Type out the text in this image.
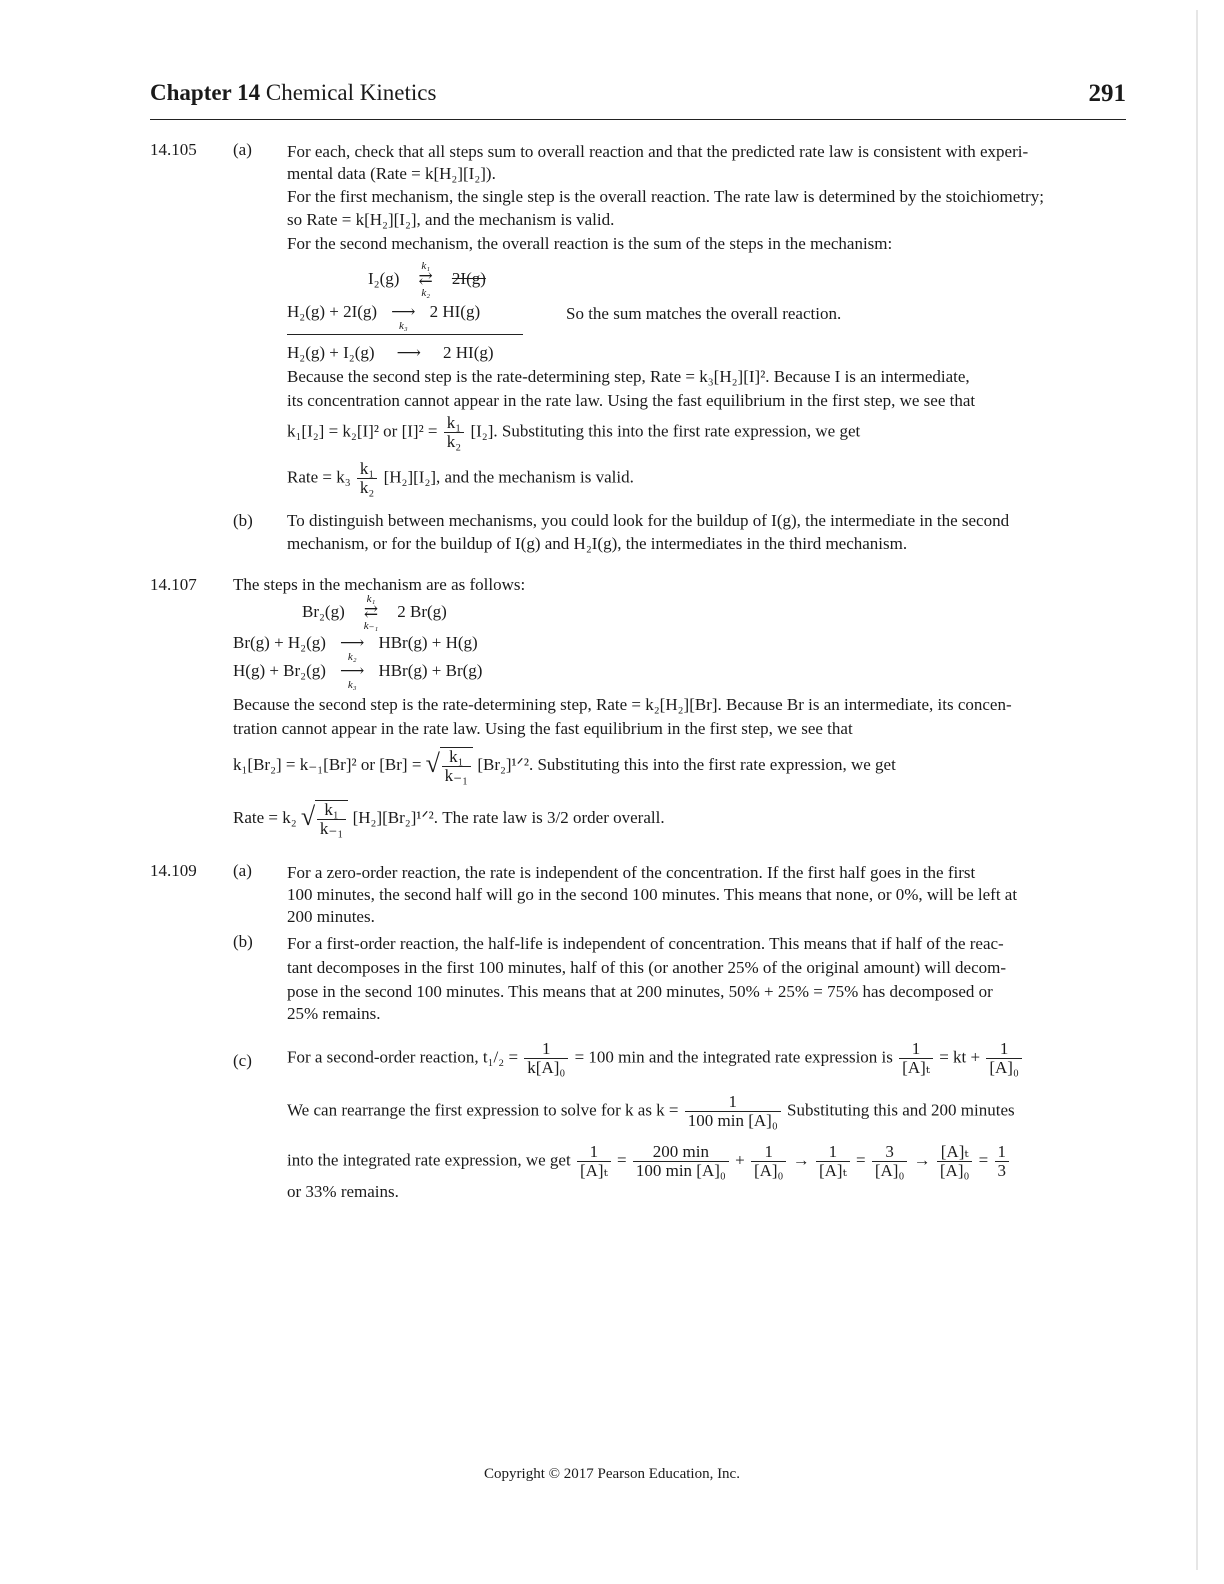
Chapter 14 Chemical Kinetics	291
14.105 (a) For each, check that all steps sum to overall reaction and that the predicted rate law is consistent with experi-
mental data (Rate = k[H₂][I₂]).
For the first mechanism, the single step is the overall reaction. The rate law is determined by the stoichiometry;
so Rate = k[H₂][I₂], and the mechanism is valid.
For the second mechanism, the overall reaction is the sum of the steps in the mechanism:
I₂(g)
k₁
⇄
k₂
2I(g)
H₂(g) + 2I(g) ⟶
k₃
2 HI(g)	So the sum matches the overall reaction.
H₂(g) + I₂(g) ⟶ 2 HI(g)
Because the second step is the rate-determining step, Rate = k₃[H₂][I]². Because I is an intermediate,
its concentration cannot appear in the rate law. Using the fast equilibrium in the first step, we see that
k₁[I₂] = k₂[I]² or $[I]^2 = \frac{\text{k₁}}{\text{k₂}} [I_2]$. Substituting this into the first rate expression, we get
Rate = $k_3 \frac{\text{k₁}}{\text{k₂}} [H_2][I_2]$, and the mechanism is valid.
(b) To distinguish between mechanisms, you could look for the buildup of I(g), the intermediate in the second
mechanism, or for the buildup of I(g) and H₂I(g), the intermediates in the third mechanism.
14.107 The steps in the mechanism are as follows:
Br₂(g)
k₁
⇄
k₋₁
2 Br(g)
Br(g) + H₂(g) ⟶
k₂
HBr(g) + H(g)
H(g) + Br₂(g) ⟶
k₃
HBr(g) + Br(g)
Because the second step is the rate-determining step, Rate = k₂[H₂][Br]. Because Br is an intermediate, its concen-
tration cannot appear in the rate law. Using the fast equilibrium in the first step, we see that
k₁[Br₂] = k₋₁[Br]² or [Br] = √ $\frac{\text{k₁}}{\text{k₋₁}}$ [Br₂]¹ᐟ². Substituting this into the first rate expression, we get
Rate = k₂ √ $\frac{\text{k₁}}{\text{k₋₁}}$ [H₂][Br₂]¹ᐟ². The rate law is 3/2 order overall.
14.109 (a) For a zero-order reaction, the rate is independent of the concentration. If the first half goes in the first
100 minutes, the second half will go in the second 100 minutes. This means that none, or 0%, will be left at
200 minutes.
(b) For a first-order reaction, the half-life is independent of concentration. This means that if half of the reac-
tant decomposes in the first 100 minutes, half of this (or another 25% of the original amount) will decom-
pose in the second 100 minutes. This means that at 200 minutes, 50% + 25% = 75% has decomposed or
25% remains.
(c) For a second-order reaction, $t_1/_2 = \frac{1}{\text{k[A]₀}} = 100$ min and the integrated rate expression is $\frac{1}{\text{[A]ₜ}}$ = kt + $\frac{1}{\text{[A]₀}}$
We can rearrange the first expression to solve for k as $k = \frac{1}{\text{100 min [A]₀}}$ Substituting this and 200 minutes
into the integrated rate expression, we get $\frac{1}{\text{[A]ₜ}} = \frac{200 \min}{\text{100 min [A]₀}} + \frac{1}{\text{[A]₀}} \to \frac{1}{\text{[A]ₜ}} = \frac{3}{\text{[A]₀}} \to \frac{\text{[A]ₜ}}{\text{[A]₀}} = \frac{1}{3}$
or 33% remains.
Copyright © 2017 Pearson Education, Inc.
